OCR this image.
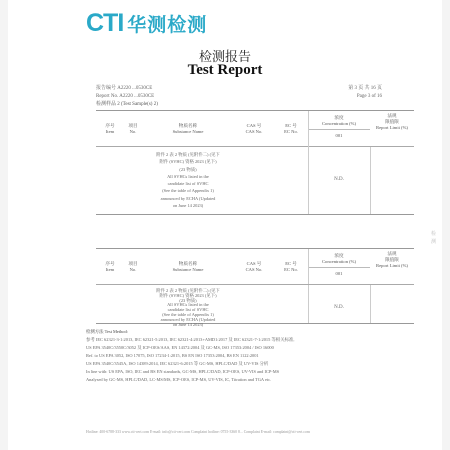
CTI 华测检测
检测报告
Test Report
报告编号 A2220 ...0530CE
Report No. A2220 ...0530CE
第 3 页 共 16 页
Page 3 of 16
检测样品 2 (Test Sample(s) 2)
序号
Item
项目
No.
物质名称
Substance Name
CAS 号
CAS No.
EC 号
EC No.
浓度
Concentration (%)
001
法规
限值限
Report Limit (%)
附件 2 表 2 物质 (见附件二) (见下
附件 (SVHC) 资格 2023 (见下)
(23 物质)
All SVHCs listed in the
candidate list of SVHC
(See the table of Appendix 1)
announced by ECHA (Updated
on June 14 2023)
N.D.
序号
Item
项目
No.
物质名称
Substance Name
CAS 号
CAS No.
EC 号
EC No.
浓度
Concentration (%)
001
法规
限值限
Report Limit (%)
附件 2 表 2 物质 (见附件二) (见下
附件 (SVHC) 资格 2023 (见下)
(23 物质)
All SVHCs listed in the
candidate list of SVHC
(See the table of Appendix 1)
announced by ECHA (Updated
on June 14 2023)
N.D.
检测方法 Test Method:
参考 IEC 62321-3-1:2013, IEC 62321-5:2013, IEC 62321-4:2013+AMD1:2017 及 IEC 62321-7-1:2015 等相关标准,
US EPA 3540C/3550C/3052 及 ICP-OES/AAS, EN 14372:2004 及 GC-MS, ISO 17353:2004 / ISO 16000
Ref. to US EPA 3052, ISO 17075, ISO 17234-1:2015, BS EN ISO 17353:2004, BS EN 1122:2001
US EPA 3540C/3545A, ISO 14389:2014, IEC 62321-6:2015 等 GC-MS, HPLC/DAD 及 UV-VIS 分析
In line with: US EPA, ISO, IEC and BS EN standards, GC-MS, HPLC/DAD, ICP-OES, UV-VIS and ICP-MS
Analysed by GC-MS, HPLC/DAD, LC-MS/MS, ICP-OES, ICP-MS, UV-VIS, IC, Titration and TGA etc.
Hotline: 400-6788-333 www.cti-cert.com E-mail: info@cti-cert.com Complaint hotline: 0755-3360 8... Complaint E-mail: complaint@cti-cert.com
检
测
